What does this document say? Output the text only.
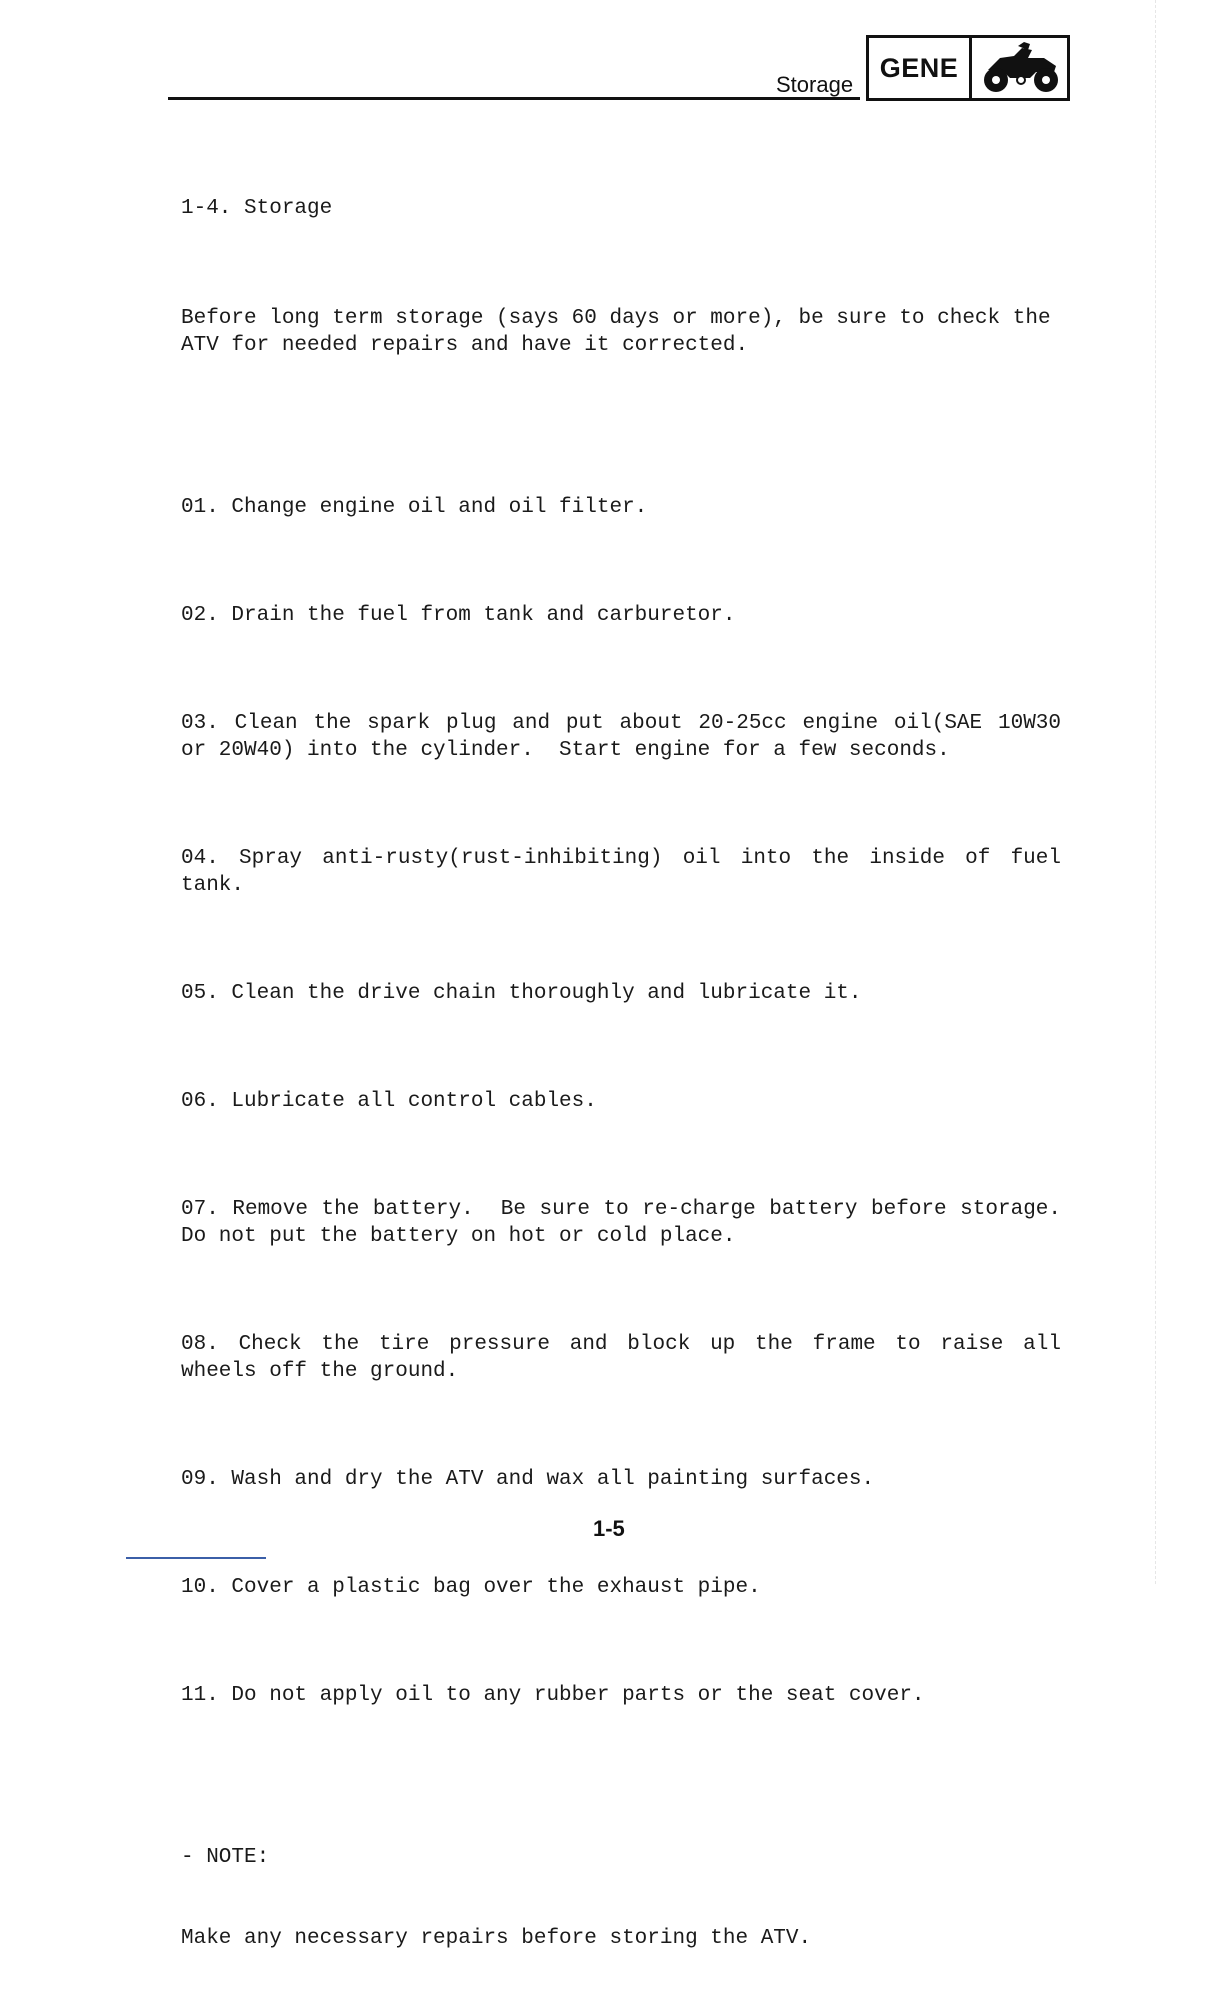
Storage
GENE

1-4. Storage

Before long term storage (says 60 days or more), be sure to check the ATV for needed repairs and have it corrected.

01. Change engine oil and oil filter.

02. Drain the fuel from tank and carburetor.

03. Clean the spark plug and put about 20-25cc engine oil(SAE 10W30 or 20W40) into the cylinder.  Start engine for a few seconds.

04. Spray anti-rusty(rust-inhibiting) oil into the inside of fuel tank.

05. Clean the drive chain thoroughly and lubricate it.

06. Lubricate all control cables.

07. Remove the battery.  Be sure to re-charge battery before storage. Do not put the battery on hot or cold place.

08. Check the tire pressure and block up the frame to raise all wheels off the ground.

09. Wash and dry the ATV and wax all painting surfaces.

10. Cover a plastic bag over the exhaust pipe.

11. Do not apply oil to any rubber parts or the seat cover.

- NOTE:

Make any necessary repairs before storing the ATV.

1-5
